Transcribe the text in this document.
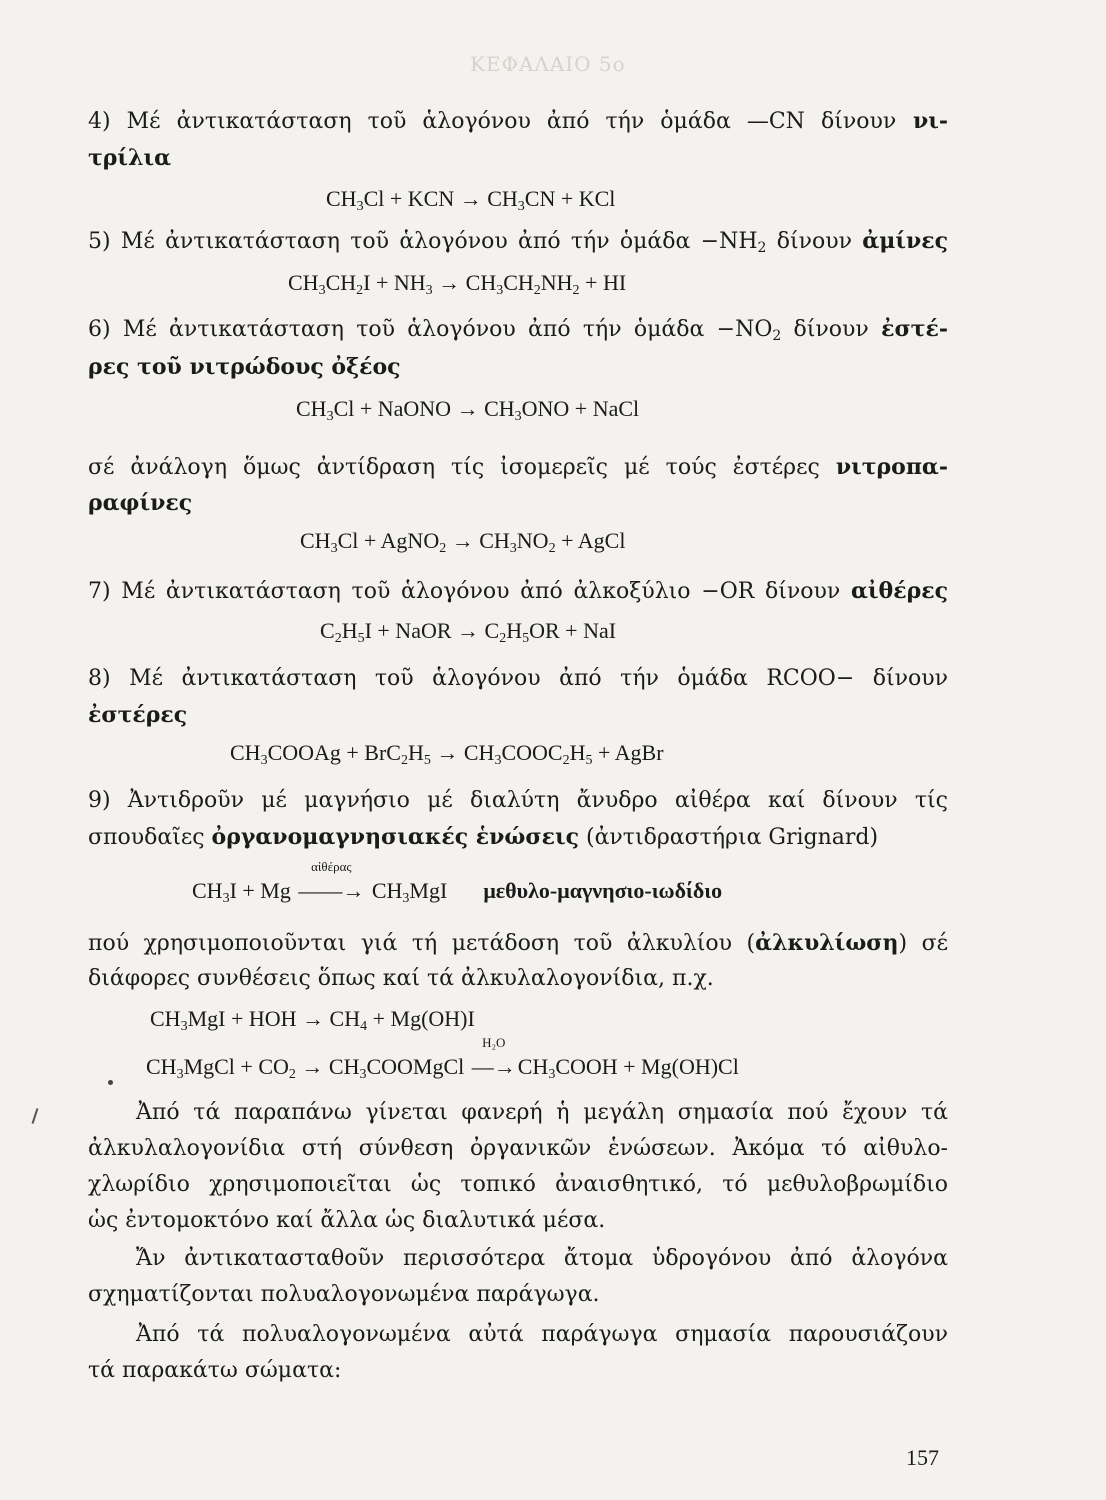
ΚΕΦΑΛΑΙΟ 5ο
4) Μέ ἀντικατάσταση τοῦ ἁλογόνου ἀπό τήν ὁμάδα —CN δίνουν νι-
τρίλια
$CH_3Cl$ + KCN → $CH_3CN$ + KCl
5) Μέ ἀντικατάσταση τοῦ ἁλογόνου ἀπό τήν ὁμάδα $-NH_2$ δίνουν ἀμίνες
$CH_3CH_2I + NH_3 \to CH_3CH_2NH_2$ + HI
6) Μέ ἀντικατάσταση τοῦ ἁλογόνου ἀπό τήν ὁμάδα $-NO_2$ δίνουν ἐστέ-
ρες τοῦ νιτρώδους ὀξέος
$CH_3Cl$ + NaONO → $CH_3ONO$ + NaCl
σέ ἀνάλογη ὅμως ἀντίδραση τίς ἰσομερεῖς μέ τούς ἐστέρες νιτροπα-
ραφίνες
$CH_3Cl$ + AgNO$_2$ → $CH_3NO_2$ + AgCl
7) Μέ ἀντικατάσταση τοῦ ἁλογόνου ἀπό ἀλκοξύλιο −OR δίνουν αἰθέρες
$C_2H_5I$ + NaOR → $C_2H_5OR$ + NaI
8) Μέ ἀντικατάσταση τοῦ ἁλογόνου ἀπό τήν ὁμάδα RCOO− δίνουν
ἐστέρες
$CH_3COOAg + BrC_2H_5$ → $CH_3COOC_2H_5$ + AgBr
9) Ἀντιδροῦν μέ μαγνήσιο μέ διαλύτη ἄνυδρο αἰθέρα καί δίνουν τίς
σπουδαῖες ὀργανομαγνησιακές ἑνώσεις (ἀντιδραστήρια Grignard)
$CH_3I + Mg$
αἰθέρας
——→ $CH_3MgI$ μεθυλο-μαγνησιο-ιωδίδιο
πού χρησιμοποιοῦνται γιά τή μετάδοση τοῦ ἀλκυλίου (ἀλκυλίωση) σέ
διάφορες συνθέσεις ὅπως καί τά ἀλκυλαλογονίδια, π.χ.
$CH_3MgI$ + HOH → $CH_4 + Mg(OH)I$
$CH_3MgCl + CO_2$ → $CH_3COOMgCl$
H₂O
$—\to CH_3COOH + Mg(OH)Cl$
Ἀπό τά παραπάνω γίνεται φανερή ἡ μεγάλη σημασία πού ἔχουν τά
ἀλκυλαλογονίδια στή σύνθεση ὀργανικῶν ἑνώσεων. Ἀκόμα τό αἰθυλο-
χλωρίδιο χρησιμοποιεῖται ὡς τοπικό ἀναισθητικό, τό μεθυλοβρωμίδιο
ὡς ἐντομοκτόνο καί ἄλλα ὡς διαλυτικά μέσα.
Ἄν ἀντικατασταθοῦν περισσότερα ἄτομα ὑδρογόνου ἀπό ἁλογόνα
σχηματίζονται πολυαλογονωμένα παράγωγα.
Ἀπό τά πολυαλογονωμένα αὐτά παράγωγα σημασία παρουσιάζουν
τά παρακάτω σώματα:
157
